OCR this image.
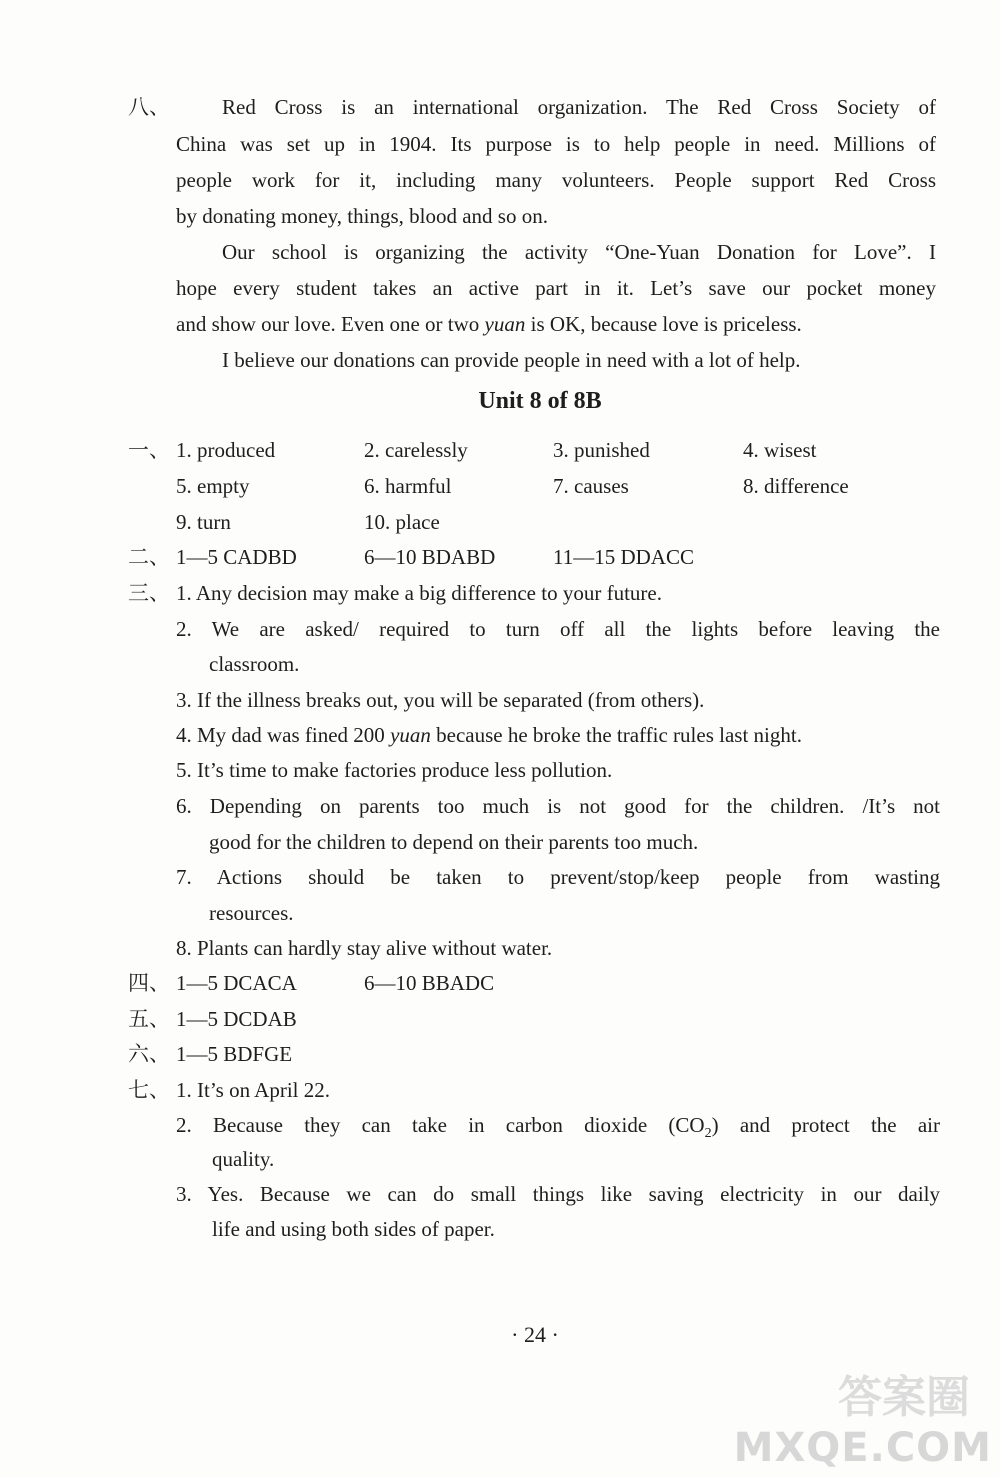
八、 Red Cross is an international organization. The Red Cross Society of
China was set up in 1904. Its purpose is to help people in need. Millions of
people work for it, including many volunteers. People support Red Cross
by donating money, things, blood and so on.
Our school is organizing the activity “One-Yuan Donation for Love”. I
hope every student takes an active part in it. Let’s save our pocket money
and show our love. Even one or two yuan is OK, because love is priceless.
I believe our donations can provide people in need with a lot of help.
Unit 8 of 8B
一、 1. produced	2. carelessly	3. punished	4. wisest
5. empty	6. harmful	7. causes	8. difference
9. turn	10. place
二、 1—5 CADBD	6—10 BDABD	11—15 DDACC
三、 1. Any decision may make a big difference to your future.
2. We are asked/ required to turn off all the lights before leaving the
classroom.
3. If the illness breaks out, you will be separated (from others).
4. My dad was fined 200 yuan because he broke the traffic rules last night.
5. It’s time to make factories produce less pollution.
6. Depending on parents too much is not good for the children. /It’s not
good for the children to depend on their parents too much.
7. Actions should be taken to prevent/stop/keep people from wasting
resources.
8. Plants can hardly stay alive without water.
四、 1—5 DCACA	6—10 BBADC
五、 1—5 DCDAB
六、 1—5 BDFGE
七、 1. It’s on April 22.
2. Because they can take in carbon dioxide $(CO_2)$ and protect the air
quality.
3. Yes. Because we can do small things like saving electricity in our daily
life and using both sides of paper.
· 24 ·
答案圈
MXQE.COM
